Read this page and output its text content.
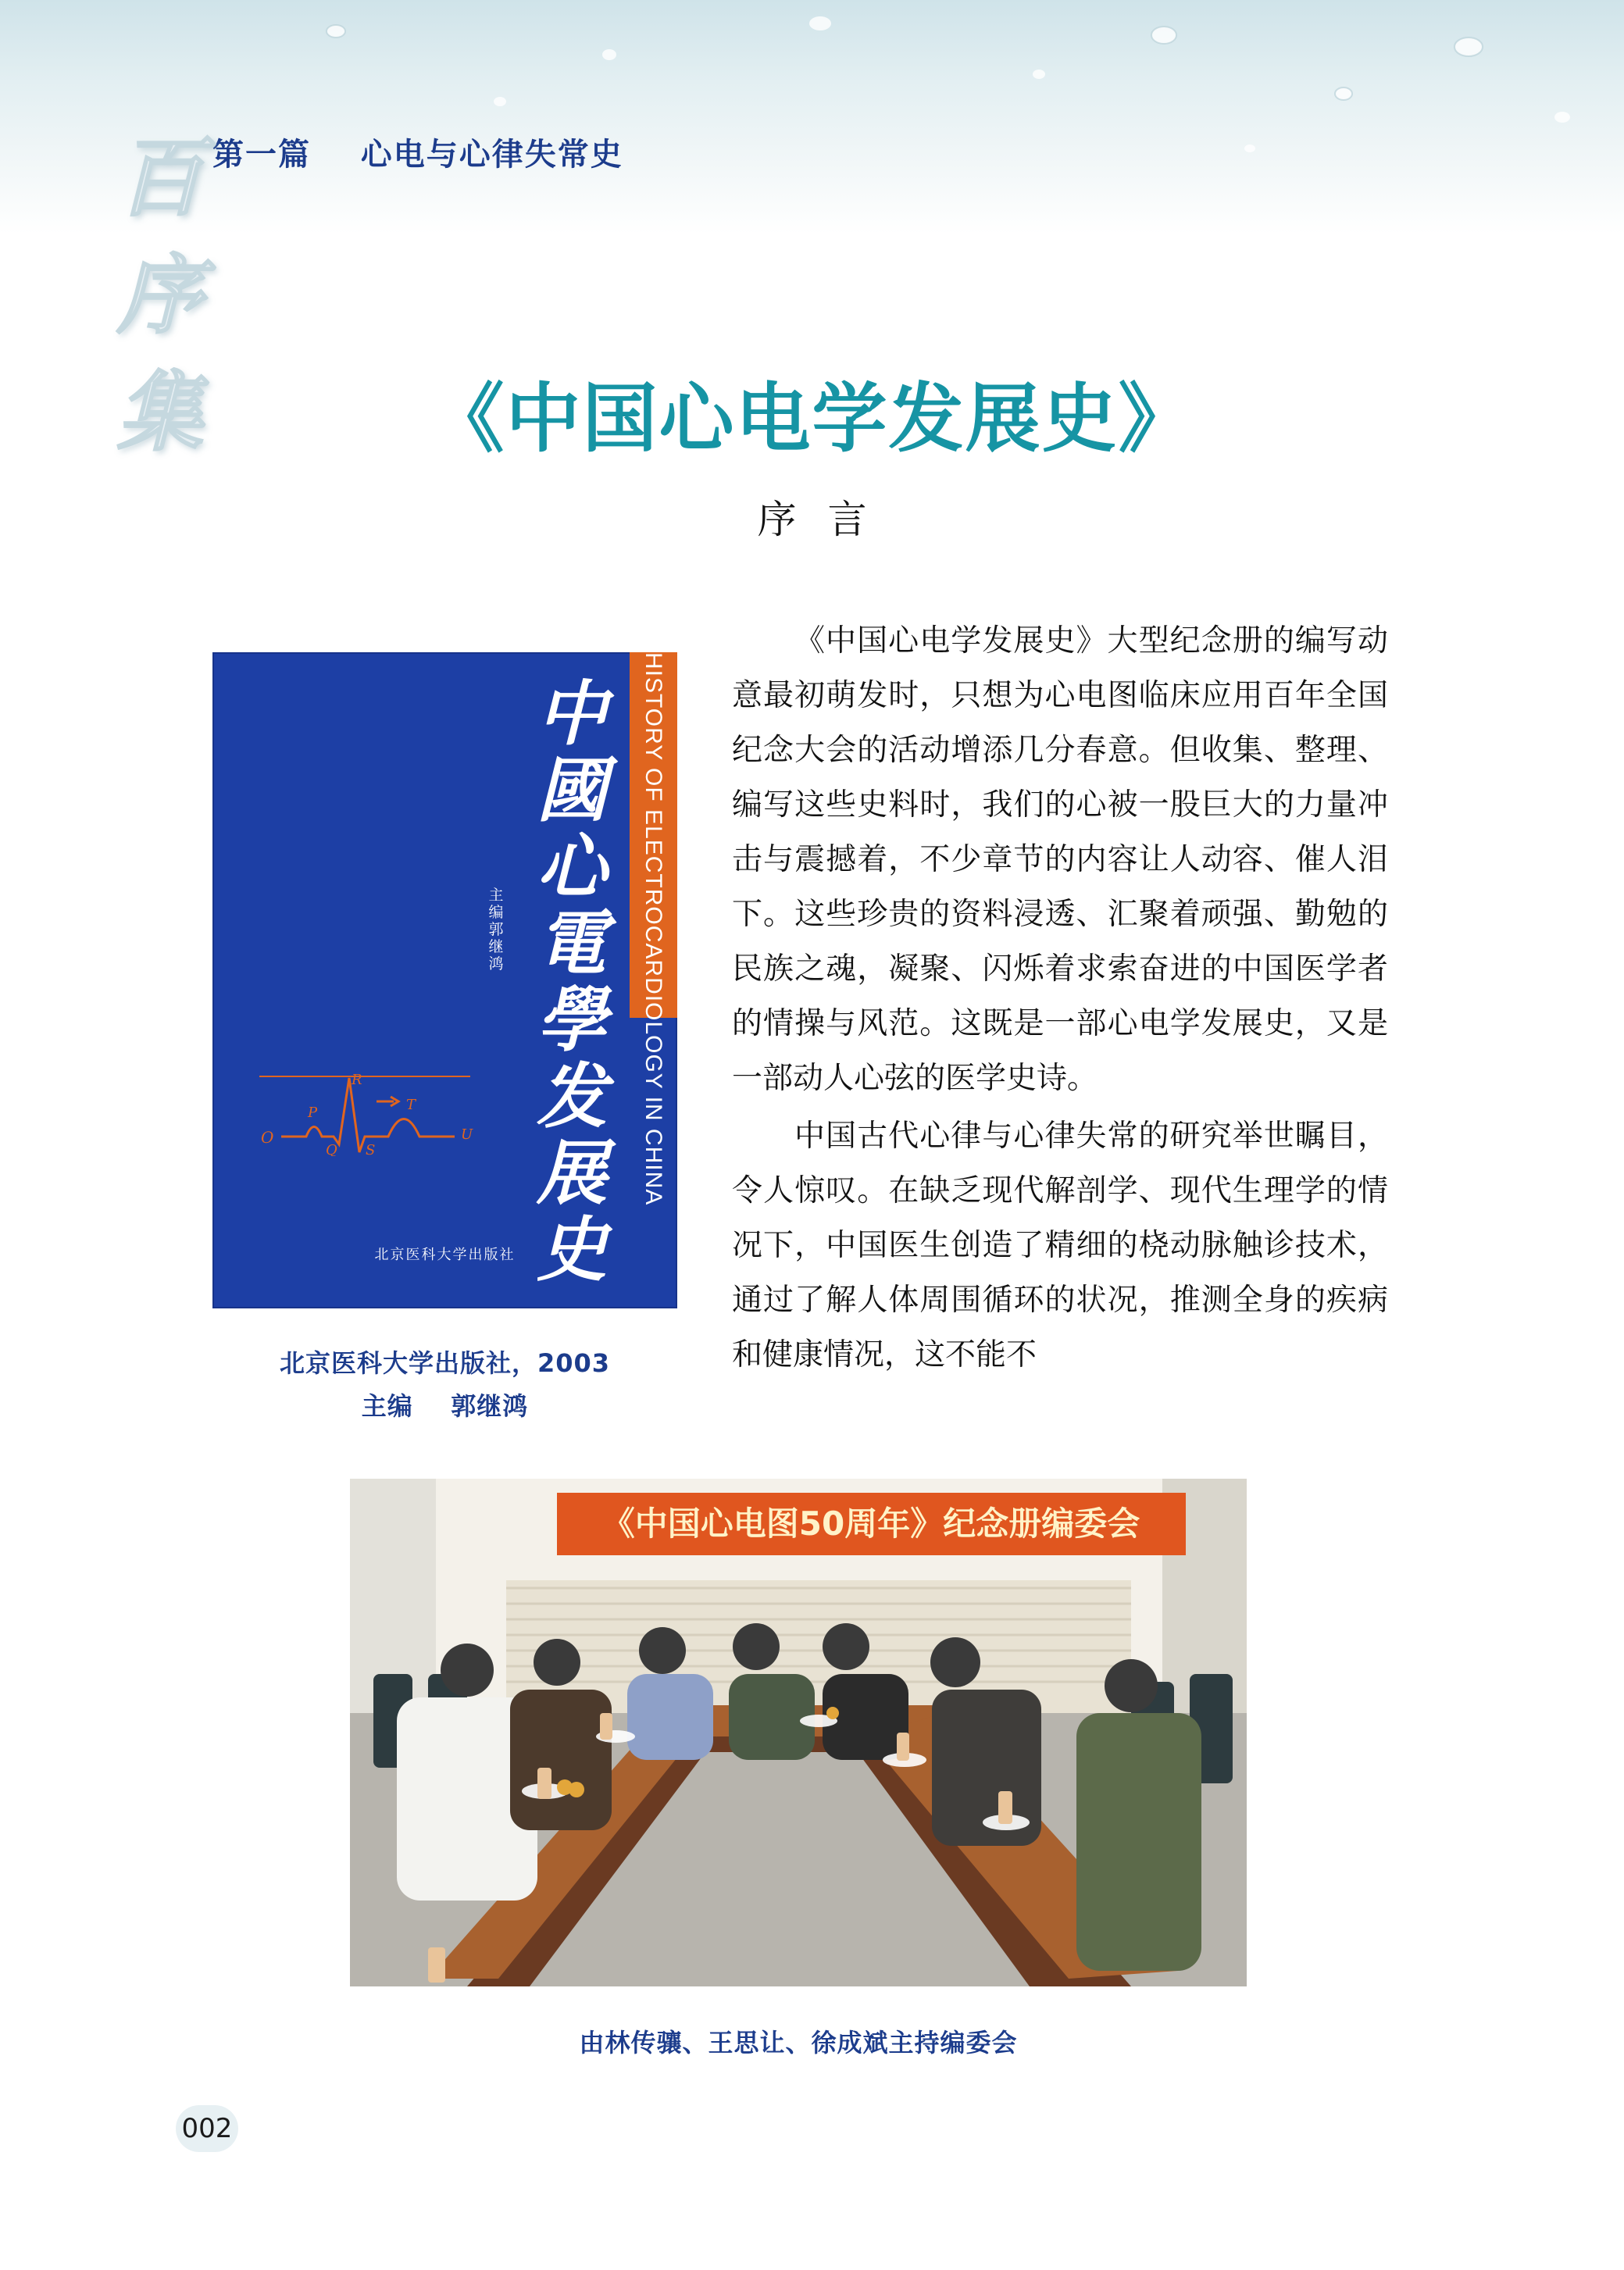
第一篇    心电与心律失常史
百
序
集	《中国心电学发展史》
序言
HISTORY OF ELECTROCARDIOLOGY IN CHINA
中
國
心
電
學
发
展
史
主编
郭继鸿
O
P
R
Q S
T
U
北京医科大学出版社
北京医科大学出版社，2003
主编    郭继鸿

《中国心电学发展史》大型纪念册的编写动意最初萌发时，只想为心电图临床应用百年全国纪念大会的活动增添几分春意。但收集、整理、编写这些史料时，我们的心被一股巨大的力量冲击与震撼着，不少章节的内容让人动容、催人泪下。这些珍贵的资料浸透、汇聚着顽强、勤勉的民族之魂，凝聚、闪烁着求索奋进的中国医学者的情操与风范。这既是一部心电学发展史，又是一部动人心弦的医学史诗。

中国古代心律与心律失常的研究举世瞩目，令人惊叹。在缺乏现代解剖学、现代生理学的情况下，中国医生创造了精细的桡动脉触诊技术，通过了解人体周围循环的状况，推测全身的疾病和健康情况，这不能不

《中国心电图50周年》纪念册编委会
由林传骧、王思让、徐成斌主持编委会
002
